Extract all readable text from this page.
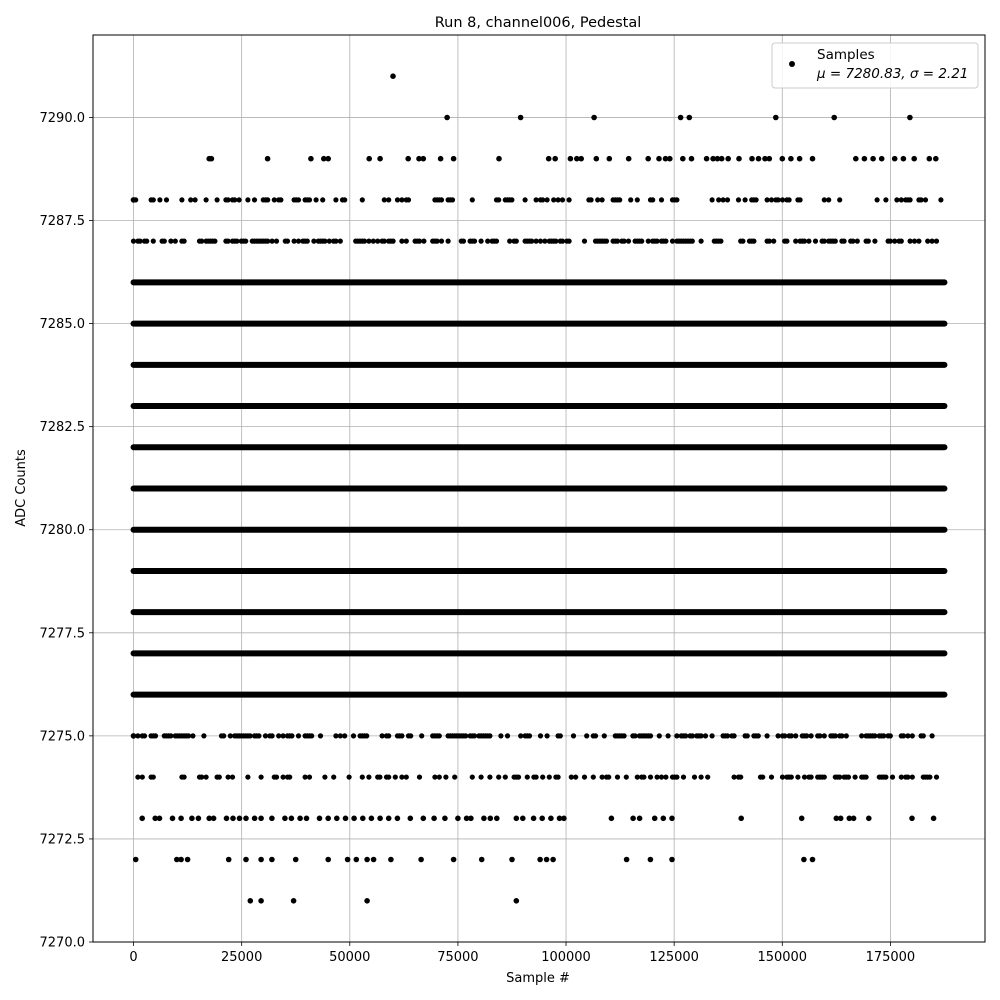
Run 8, channel006, Pedestal
0	25000	50000	75000	100000	125000	150000	175000
7270.0
7272.5
7275.0
7277.5
7280.0
7282.5
7285.0
7287.5
7290.0
Sample #
ADC Counts
Samples
μ = 7280.83, σ = 2.21
